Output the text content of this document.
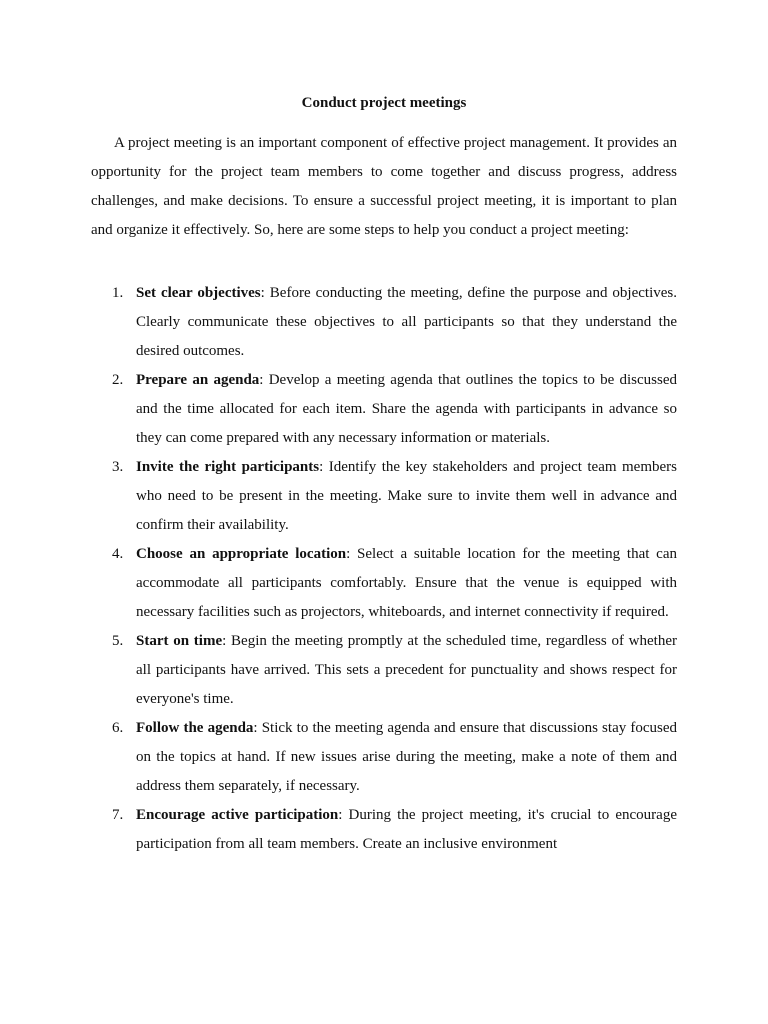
Conduct project meetings

A project meeting is an important component of effective project management. It provides an opportunity for the project team members to come together and discuss progress, address challenges, and make decisions. To ensure a successful project meeting, it is important to plan and organize it effectively. So, here are some steps to help you conduct a project meeting:

1. Set clear objectives: Before conducting the meeting, define the purpose and objectives. Clearly communicate these objectives to all participants so that they understand the desired outcomes.
2. Prepare an agenda: Develop a meeting agenda that outlines the topics to be discussed and the time allocated for each item. Share the agenda with participants in advance so they can come prepared with any necessary information or materials.
3. Invite the right participants: Identify the key stakeholders and project team members who need to be present in the meeting. Make sure to invite them well in advance and confirm their availability.
4. Choose an appropriate location: Select a suitable location for the meeting that can accommodate all participants comfortably. Ensure that the venue is equipped with necessary facilities such as projectors, whiteboards, and internet connectivity if required.
5. Start on time: Begin the meeting promptly at the scheduled time, regardless of whether all participants have arrived. This sets a precedent for punctuality and shows respect for everyone's time.
6. Follow the agenda: Stick to the meeting agenda and ensure that discussions stay focused on the topics at hand. If new issues arise during the meeting, make a note of them and address them separately, if necessary.
7. Encourage active participation: During the project meeting, it's crucial to encourage participation from all team members. Create an inclusive environment
